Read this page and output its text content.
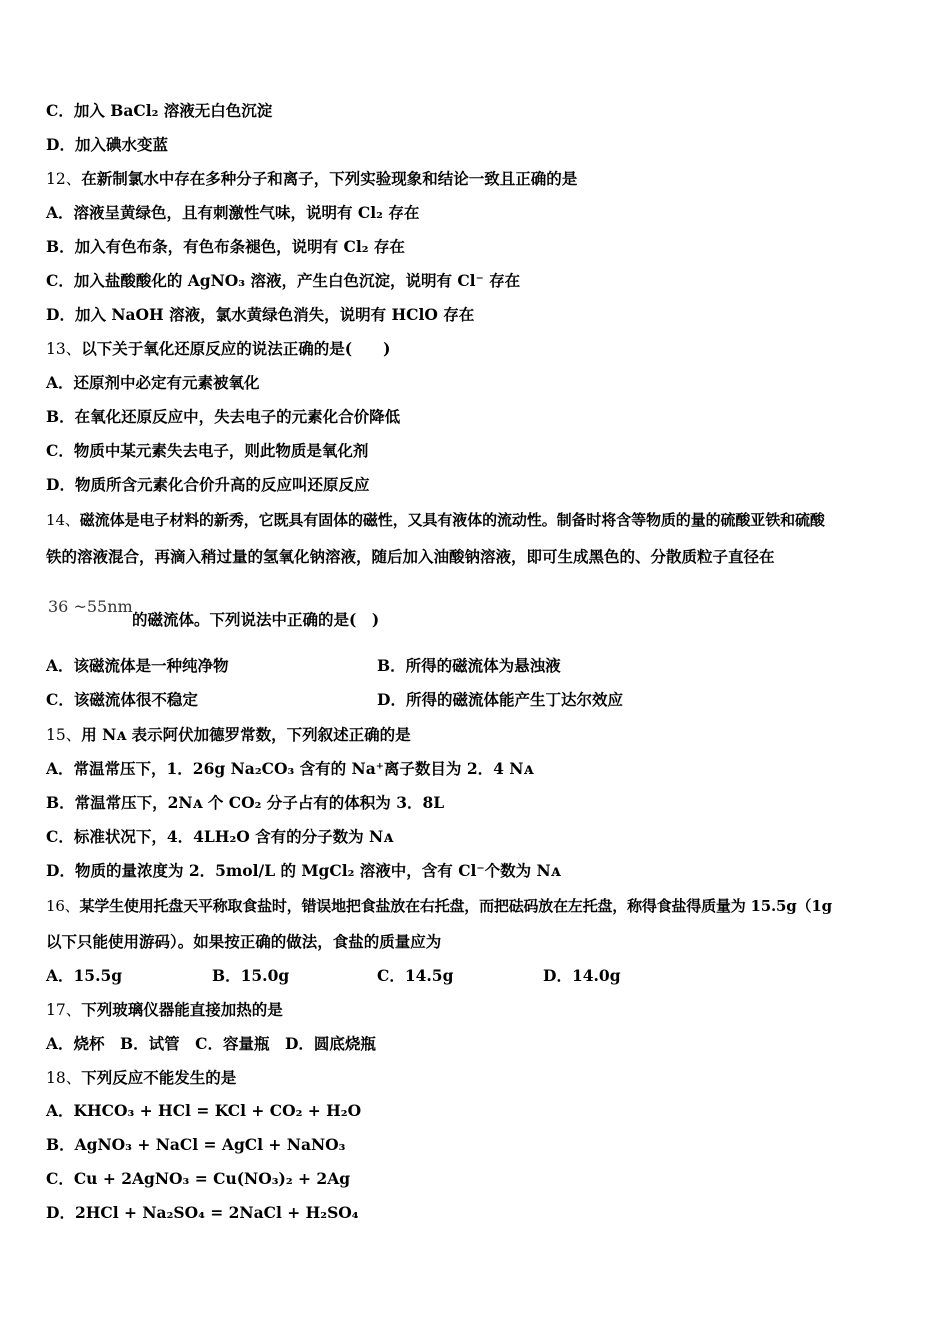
C．加入 BaCl₂ 溶液无白色沉淀
D．加入碘水变蓝
12、在新制氯水中存在多种分子和离子，下列实验现象和结论一致且正确的是
A．溶液呈黄绿色，且有刺激性气味，说明有 Cl₂ 存在
B．加入有色布条，有色布条褪色，说明有 Cl₂ 存在
C．加入盐酸酸化的 AgNO₃ 溶液，产生白色沉淀，说明有 Cl⁻ 存在
D．加入 NaOH 溶液，氯水黄绿色消失，说明有 HClO 存在
13、以下关于氧化还原反应的说法正确的是(　　)
A．还原剂中必定有元素被氧化
B．在氧化还原反应中，失去电子的元素化合价降低
C．物质中某元素失去电子，则此物质是氧化剂
D．物质所含元素化合价升高的反应叫还原反应
14、磁流体是电子材料的新秀，它既具有固体的磁性，又具有液体的流动性。制备时将含等物质的量的硫酸亚铁和硫酸
铁的溶液混合，再滴入稍过量的氢氧化钠溶液，随后加入油酸钠溶液，即可生成黑色的、分散质粒子直径在
36 ~55nm
的磁流体。下列说法中正确的是(　)
A．该磁流体是一种纯净物	B．所得的磁流体为悬浊液
C．该磁流体很不稳定	D．所得的磁流体能产生丁达尔效应
15、用 Nᴀ 表示阿伏加德罗常数，下列叙述正确的是
A．常温常压下，1．26g Na₂CO₃ 含有的 Na⁺离子数目为 2．4 Nᴀ
B．常温常压下，2Nᴀ 个 CO₂ 分子占有的体积为 3．8L
C．标准状况下，4．4LH₂O 含有的分子数为 Nᴀ
D．物质的量浓度为 2．5mol/L 的 MgCl₂ 溶液中，含有 Cl⁻个数为 Nᴀ
16、某学生使用托盘天平称取食盐时，错误地把食盐放在右托盘，而把砝码放在左托盘，称得食盐得质量为 15.5g（1g
以下只能使用游码）。如果按正确的做法，食盐的质量应为
A．15.5g	B．15.0g	C．14.5g	D．14.0g
17、下列玻璃仪器能直接加热的是
A．烧杯　B．试管　C．容量瓶　D．圆底烧瓶
18、下列反应不能发生的是
A．KHCO₃ + HCl = KCl + CO₂ + H₂O
B．AgNO₃ + NaCl = AgCl + NaNO₃
C．Cu + 2AgNO₃ = Cu(NO₃)₂ + 2Ag
D．2HCl + Na₂SO₄ = 2NaCl + H₂SO₄
